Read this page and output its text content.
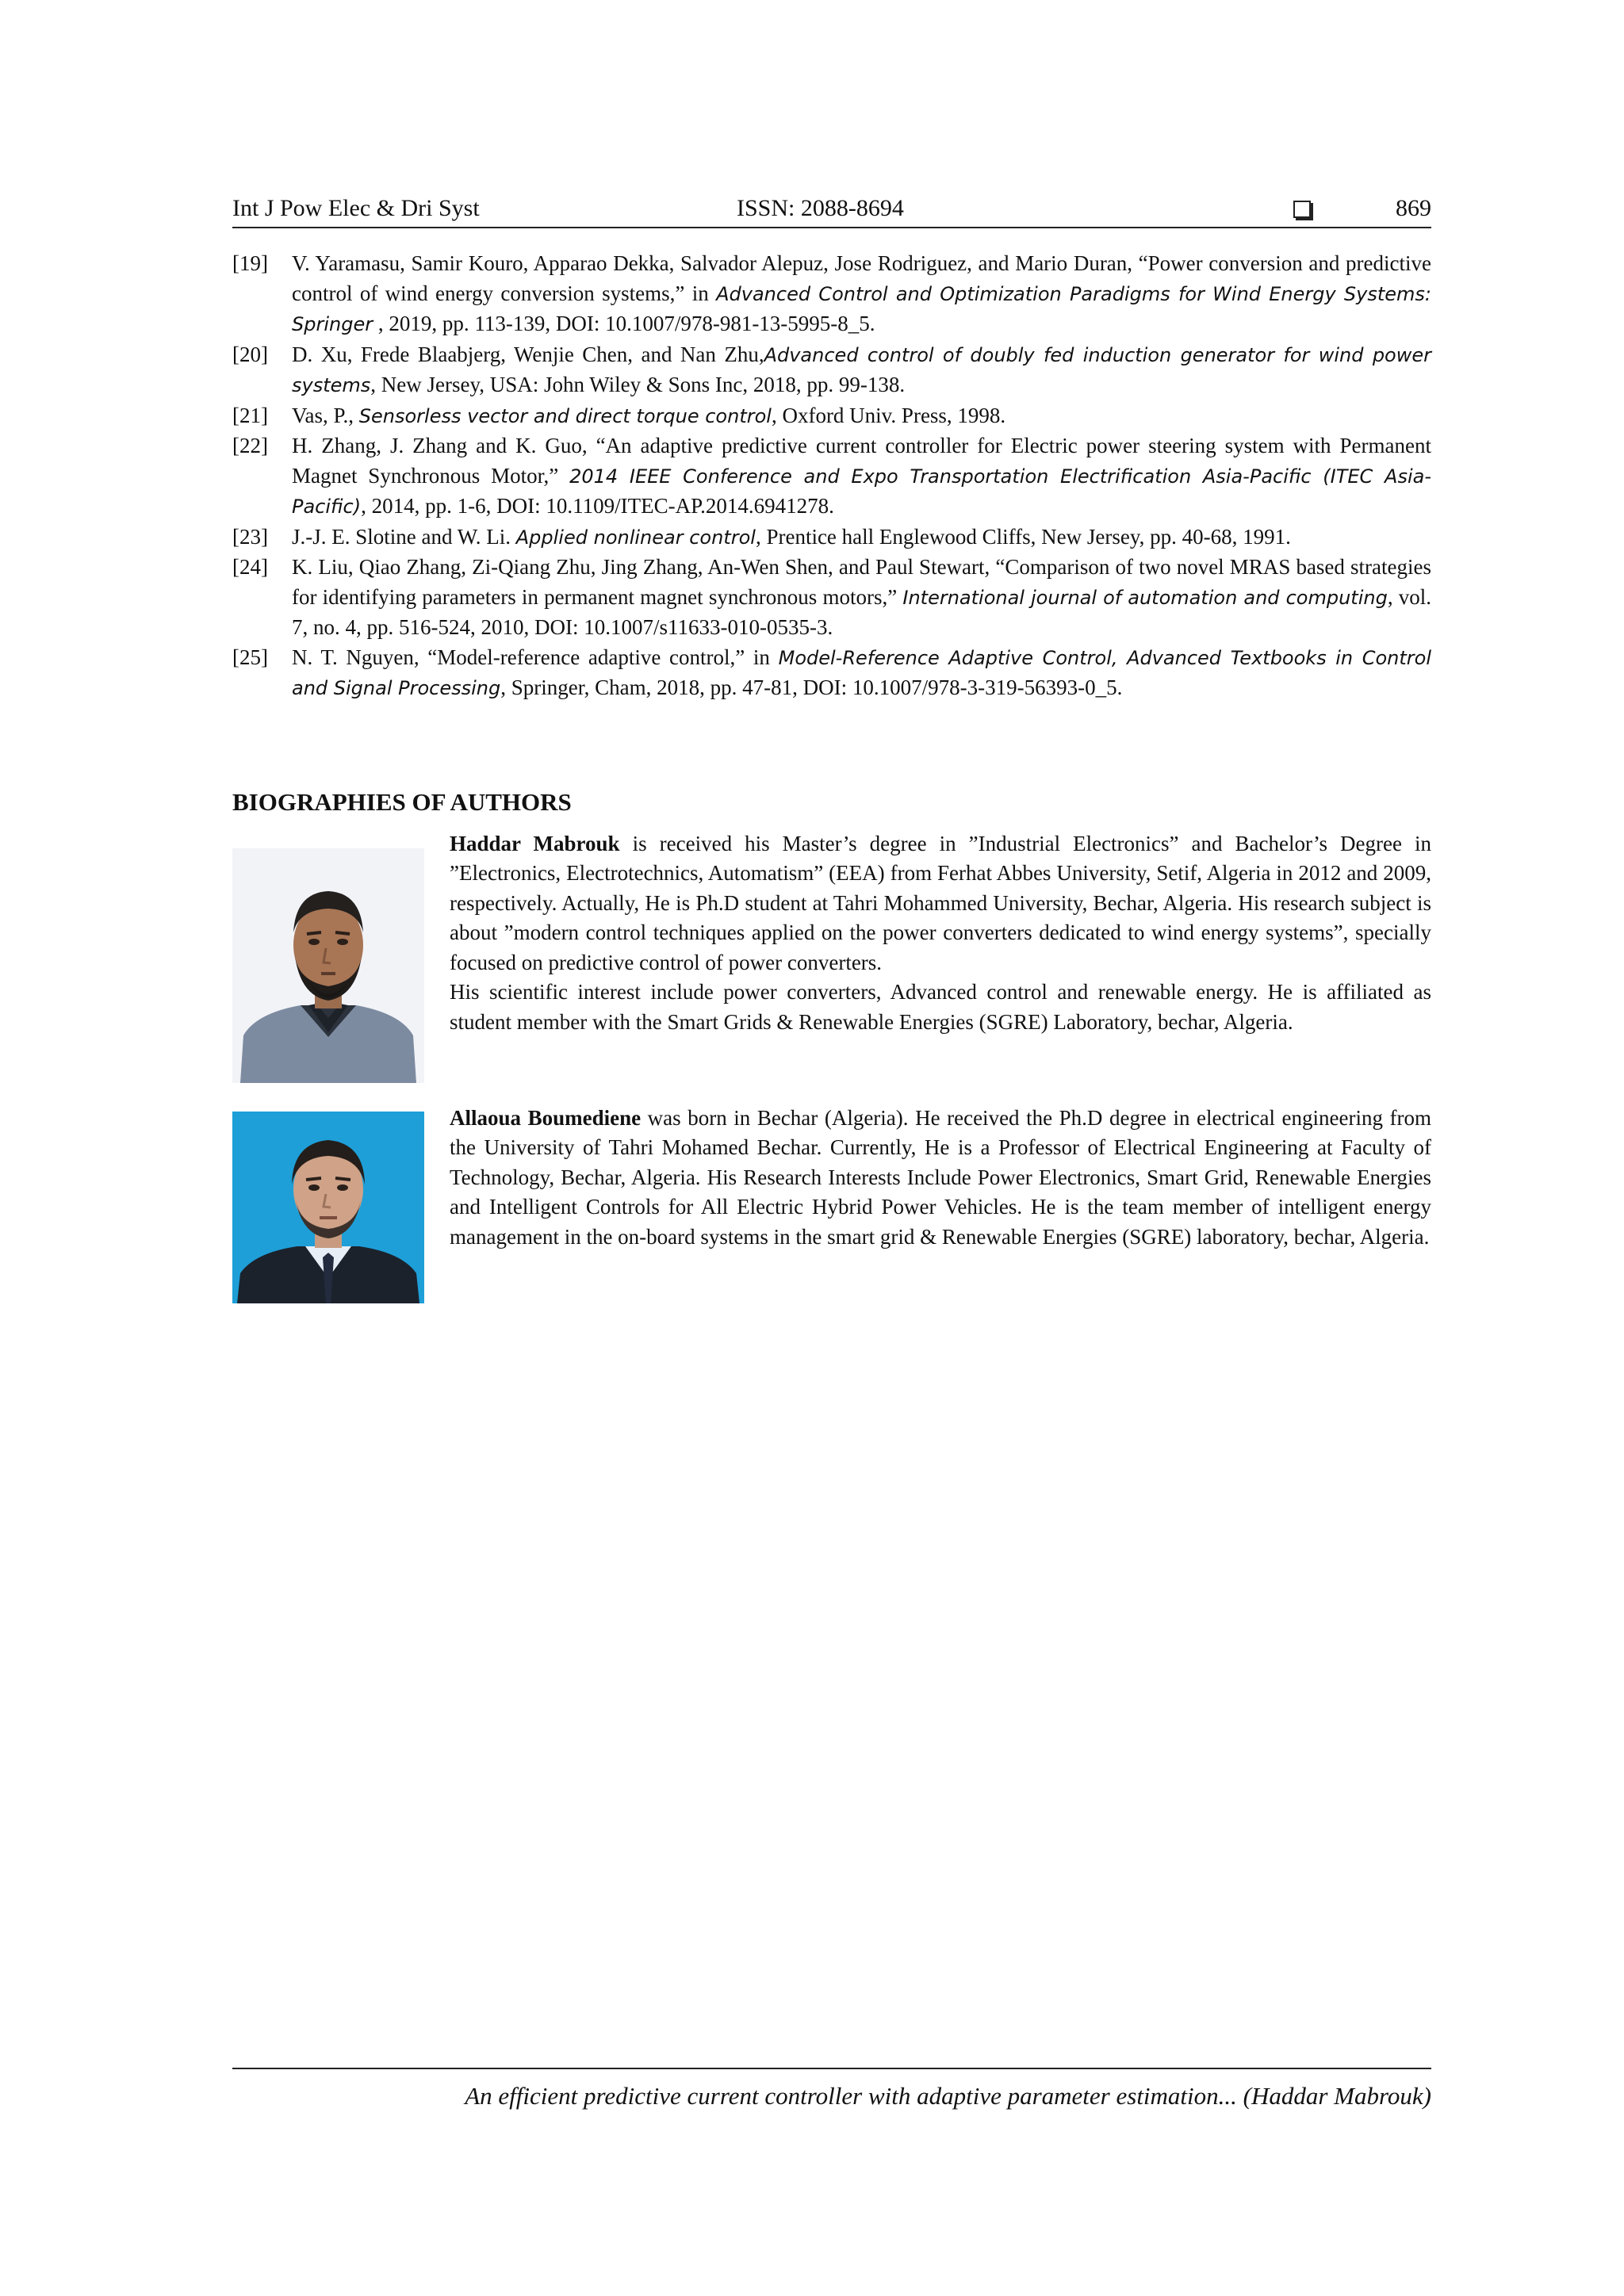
Int J Pow Elec & Dri Syst	ISSN: 2088-8694	869
[19] V. Yaramasu, Samir Kouro, Apparao Dekka, Salvador Alepuz, Jose Rodriguez, and Mario Duran, “Power conversion and predictive control of wind energy conversion systems,” in Advanced Control and Optimization Paradigms for Wind Energy Systems: Springer , 2019, pp. 113-139, DOI: 10.1007/978-981-13-5995-8_5.
[20] D. Xu, Frede Blaabjerg, Wenjie Chen, and Nan Zhu,Advanced control of doubly fed induction generator for wind power systems, New Jersey, USA: John Wiley & Sons Inc, 2018, pp. 99-138.
[21] Vas, P., Sensorless vector and direct torque control, Oxford Univ. Press, 1998.
[22] H. Zhang, J. Zhang and K. Guo, “An adaptive predictive current controller for Electric power steering system with Permanent Magnet Synchronous Motor,” 2014 IEEE Conference and Expo Transportation Electrification Asia-Pacific (ITEC Asia-Pacific), 2014, pp. 1-6, DOI: 10.1109/ITEC-AP.2014.6941278.
[23] J.-J. E. Slotine and W. Li. Applied nonlinear control, Prentice hall Englewood Cliffs, New Jersey, pp. 40-68, 1991.
[24] K. Liu, Qiao Zhang, Zi-Qiang Zhu, Jing Zhang, An-Wen Shen, and Paul Stewart, “Comparison of two novel MRAS based strategies for identifying parameters in permanent magnet synchronous motors,” International journal of automation and computing, vol. 7, no. 4, pp. 516-524, 2010, DOI: 10.1007/s11633-010-0535-3.
[25] N. T. Nguyen, “Model-reference adaptive control,” in Model-Reference Adaptive Control, Advanced Textbooks in Control and Signal Processing, Springer, Cham, 2018, pp. 47-81, DOI: 10.1007/978-3-319-56393-0_5.
BIOGRAPHIES OF AUTHORS
Haddar Mabrouk is received his Master’s degree in ”Industrial Electronics” and Bachelor’s Degree in ”Electronics, Electrotechnics, Automatism” (EEA) from Ferhat Abbes University, Setif, Algeria in 2012 and 2009, respectively. Actually, He is Ph.D student at Tahri Mohammed University, Bechar, Algeria. His research subject is about ”modern control techniques applied on the power converters dedicated to wind energy systems”, specially focused on predictive control of power converters.
His scientific interest include power converters, Advanced control and renewable energy. He is affiliated as student member with the Smart Grids & Renewable Energies (SGRE) Laboratory, bechar, Algeria.
Allaoua Boumediene was born in Bechar (Algeria). He received the Ph.D degree in electrical engineering from the University of Tahri Mohamed Bechar. Currently, He is a Professor of Electrical Engineering at Faculty of Technology, Bechar, Algeria. His Research Interests Include Power Electronics, Smart Grid, Renewable Energies and Intelligent Controls for All Electric Hybrid Power Vehicles. He is the team member of intelligent energy management in the on-board systems in the smart grid & Renewable Energies (SGRE) laboratory, bechar, Algeria.
An efficient predictive current controller with adaptive parameter estimation... (Haddar Mabrouk)
